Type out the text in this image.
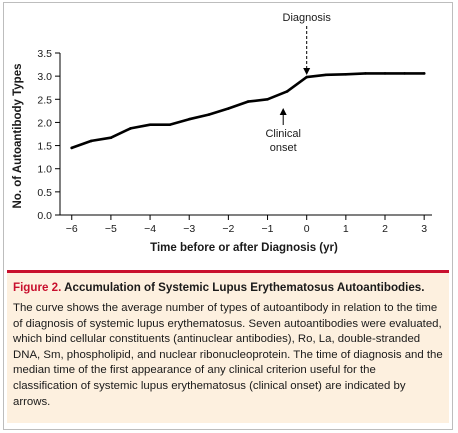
0.0
0.5
1.0
1.5
2.0
2.5
3.0
3.5
−6	−5	−4	−3	−2	−1	0	1	2	3
Diagnosis
Clinical
onset
Time before or after Diagnosis (yr)
No. of Autoantibody Types
Figure 2. Accumulation of Systemic Lupus Erythematosus Autoantibodies.
The curve shows the average number of types of autoantibody in relation to the time of diagnosis of systemic lupus erythematosus. Seven autoantibodies were evaluated, which bind cellular constituents (antinuclear antibodies), Ro, La, double-stranded DNA, Sm, phospholipid, and nuclear ribonucleoprotein. The time of diagnosis and the median time of the first appearance of any clinical criterion useful for the classification of systemic lupus erythematosus (clinical onset) are indicated by arrows.
